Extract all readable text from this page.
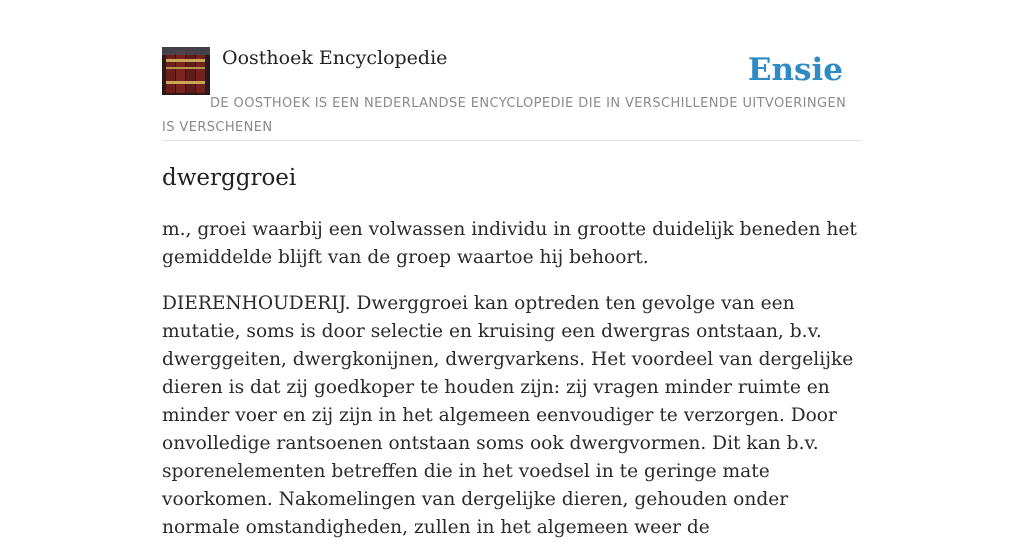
Oosthoek Encyclopedie	Ensie
DE OOSTHOEK IS EEN NEDERLANDSE ENCYCLOPEDIE DIE IN VERSCHILLENDE UITVOERINGEN IS VERSCHENEN
dwerggroei

m., groei waarbij een volwassen individu in grootte duidelijk beneden het gemiddelde blijft van de groep waartoe hij behoort.

DIERENHOUDERIJ. Dwerggroei kan optreden ten gevolge van een mutatie, soms is door selectie en kruising een dwergras ontstaan, b.v. dwerggeiten, dwergkonijnen, dwergvarkens. Het voordeel van dergelijke dieren is dat zij goedkoper te houden zijn: zij vragen minder ruimte en minder voer en zij zijn in het algemeen eenvoudiger te verzorgen. Door onvolledige rantsoenen ontstaan soms ook dwergvormen. Dit kan b.v. sporenelementen betreffen die in het voedsel in te geringe mate voorkomen. Nakomelingen van dergelijke dieren, gehouden onder normale omstandigheden, zullen in het algemeen weer de
